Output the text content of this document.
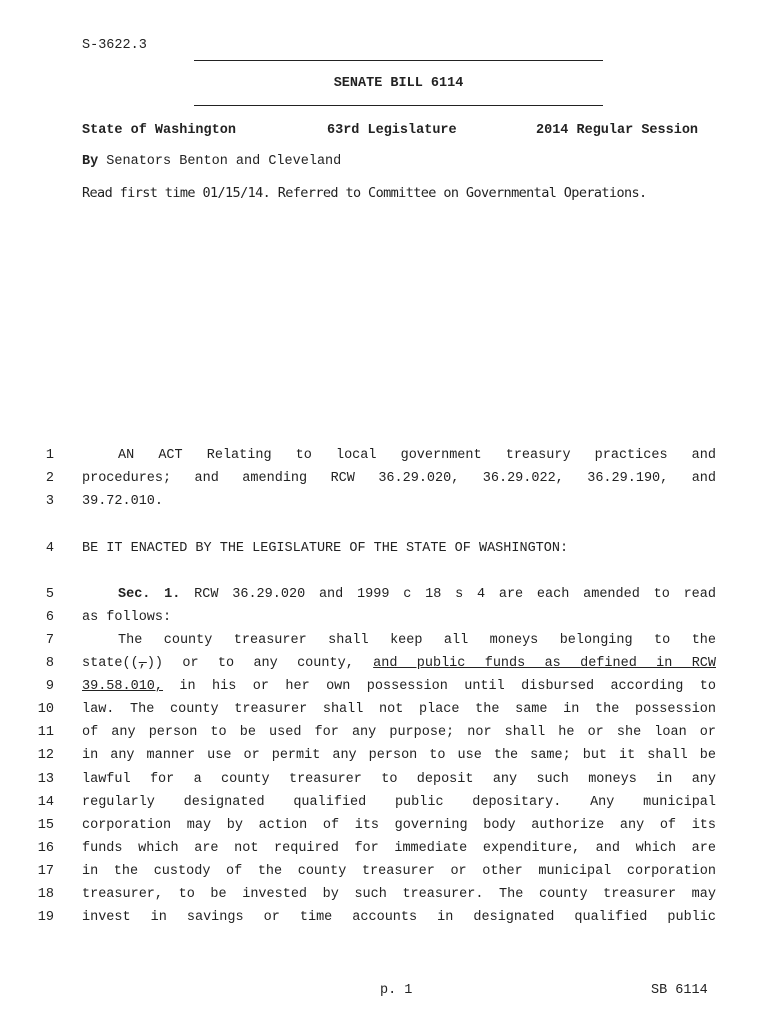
S-3622.3
SENATE BILL 6114
State of Washington	63rd Legislature	2014 Regular Session
By Senators Benton and Cleveland
Read first time 01/15/14. Referred to Committee on Governmental Operations.
1	AN ACT Relating to local government treasury practices and
2 procedures; and amending RCW 36.29.020, 36.29.022, 36.29.190, and
3 39.72.010.
4 BE IT ENACTED BY THE LEGISLATURE OF THE STATE OF WASHINGTON:
5	Sec. 1. RCW 36.29.020 and 1999 c 18 s 4 are each amended to read
6 as follows:
7	The county treasurer shall keep all moneys belonging to the
8 state((,)) or to any county, and public funds as defined in RCW
9 39.58.010, in his or her own possession until disbursed according to
10 law. The county treasurer shall not place the same in the possession
11 of any person to be used for any purpose; nor shall he or she loan or
12 in any manner use or permit any person to use the same; but it shall be
13 lawful for a county treasurer to deposit any such moneys in any
14 regularly designated qualified public depositary. Any municipal
15 corporation may by action of its governing body authorize any of its
16 funds which are not required for immediate expenditure, and which are
17 in the custody of the county treasurer or other municipal corporation
18 treasurer, to be invested by such treasurer. The county treasurer may
19 invest in savings or time accounts in designated qualified public
p. 1	SB 6114
